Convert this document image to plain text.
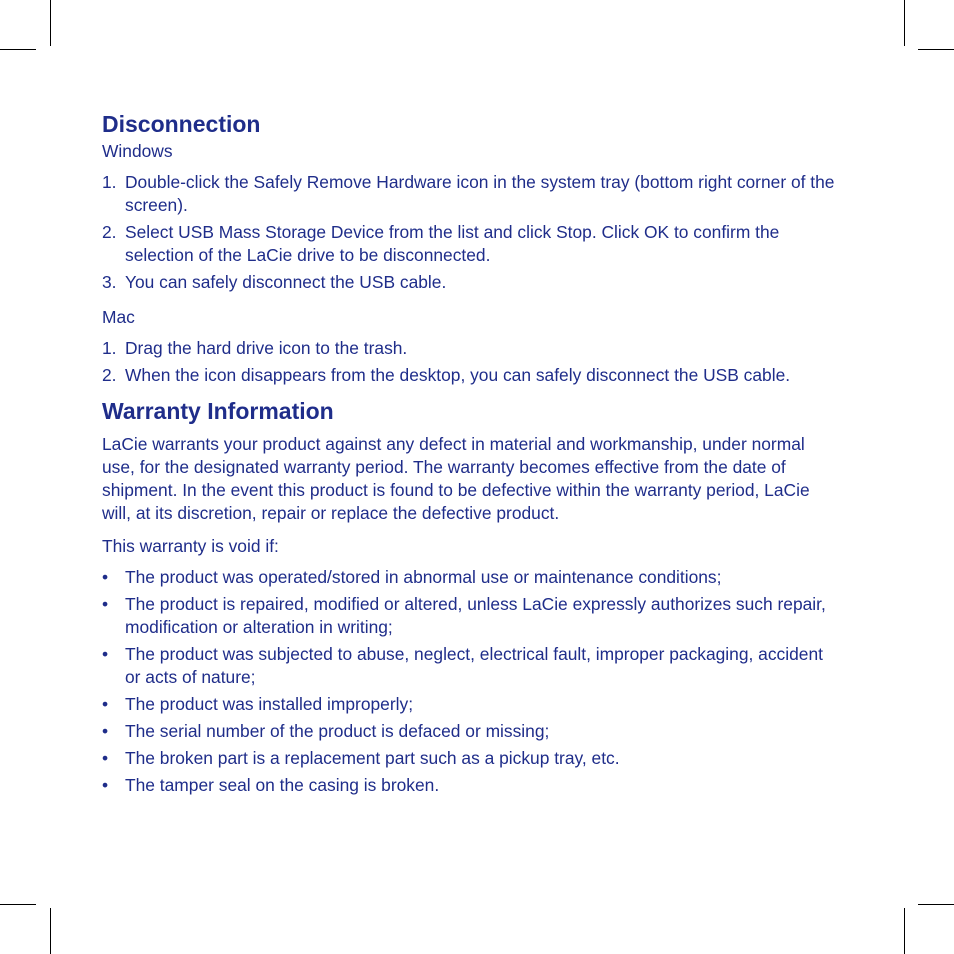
Disconnection

Windows

1. Double-click the Safely Remove Hardware icon in the system tray (bottom right corner of the screen).
2. Select USB Mass Storage Device from the list and click Stop. Click OK to confirm the selection of the LaCie drive to be disconnected.
3. You can safely disconnect the USB cable.

Mac

1. Drag the hard drive icon to the trash.
2. When the icon disappears from the desktop, you can safely disconnect the USB cable.
Warranty Information

LaCie warrants your product against any defect in material and workmanship, under normal use, for the designated warranty period. The warranty becomes effective from the date of shipment. In the event this product is found to be defective within the warranty period, LaCie will, at its discretion, repair or replace the defective product.

This warranty is void if:

• The product was operated/stored in abnormal use or maintenance conditions;
• The product is repaired, modified or altered, unless LaCie expressly authorizes such repair, modification or alteration in writing;
• The product was subjected to abuse, neglect, electrical fault, improper packaging, accident or acts of nature;
• The product was installed improperly;
• The serial number of the product is defaced or missing;
• The broken part is a replacement part such as a pickup tray, etc.
• The tamper seal on the casing is broken.
